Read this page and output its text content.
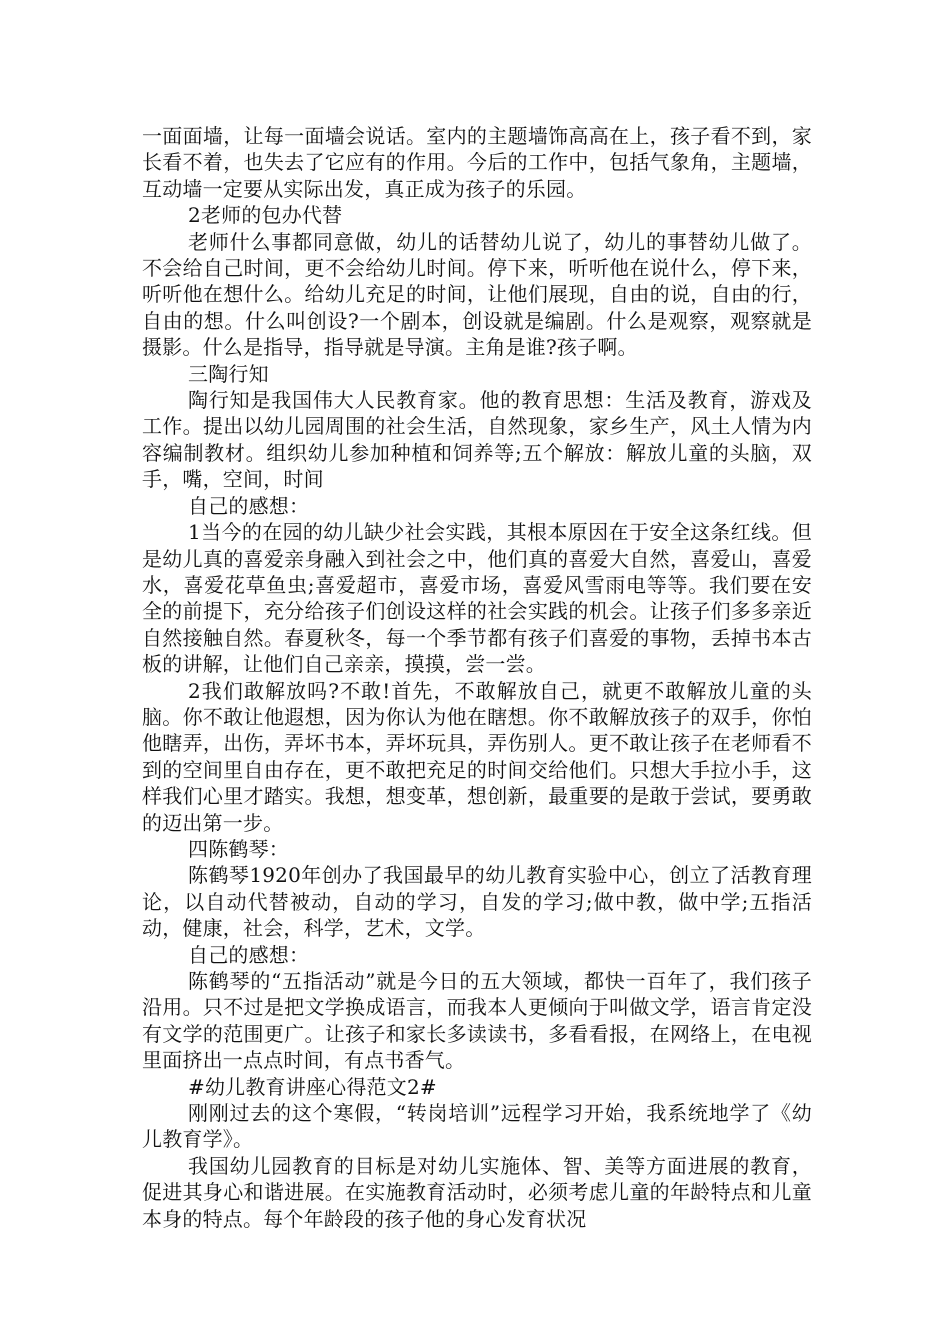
一面面墙，让每一面墙会说话。室内的主题墙饰高高在上，孩子看不到，家长看不着，也失去了它应有的作用。今后的工作中，包括气象角，主题墙，互动墙一定要从实际出发，真正成为孩子的乐园。

2老师的包办代替

老师什么事都同意做，幼儿的话替幼儿说了，幼儿的事替幼儿做了。不会给自己时间，更不会给幼儿时间。停下来，听听他在说什么，停下来，听听他在想什么。给幼儿充足的时间，让他们展现，自由的说，自由的行，自由的想。什么叫创设?一个剧本，创设就是编剧。什么是观察，观察就是摄影。什么是指导，指导就是导演。主角是谁?孩子啊。

三陶行知

陶行知是我国伟大人民教育家。他的教育思想：生活及教育，游戏及工作。提出以幼儿园周围的社会生活，自然现象，家乡生产，风土人情为内容编制教材。组织幼儿参加种植和饲养等;五个解放：解放儿童的头脑，双手，嘴，空间，时间

自己的感想：

1当今的在园的幼儿缺少社会实践，其根本原因在于安全这条红线。但是幼儿真的喜爱亲身融入到社会之中，他们真的喜爱大自然，喜爱山，喜爱水，喜爱花草鱼虫;喜爱超市，喜爱市场，喜爱风雪雨电等等。我们要在安全的前提下，充分给孩子们创设这样的社会实践的机会。让孩子们多多亲近自然接触自然。春夏秋冬，每一个季节都有孩子们喜爱的事物，丢掉书本古板的讲解，让他们自己亲亲，摸摸，尝一尝。

2我们敢解放吗?不敢!首先，不敢解放自己，就更不敢解放儿童的头脑。你不敢让他遐想，因为你认为他在瞎想。你不敢解放孩子的双手，你怕他瞎弄，出伤，弄坏书本，弄坏玩具，弄伤别人。更不敢让孩子在老师看不到的空间里自由存在，更不敢把充足的时间交给他们。只想大手拉小手，这样我们心里才踏实。我想，想变革，想创新，最重要的是敢于尝试，要勇敢的迈出第一步。

四陈鹤琴：

陈鹤琴1920年创办了我国最早的幼儿教育实验中心，创立了活教育理论，以自动代替被动，自动的学习，自发的学习;做中教，做中学;五指活动，健康，社会，科学，艺术，文学。

自己的感想：

陈鹤琴的“五指活动”就是今日的五大领域，都快一百年了，我们孩子沿用。只不过是把文学换成语言，而我本人更倾向于叫做文学，语言肯定没有文学的范围更广。让孩子和家长多读读书，多看看报，在网络上，在电视里面挤出一点点时间，有点书香气。

#幼儿教育讲座心得范文2#

刚刚过去的这个寒假，“转岗培训”远程学习开始，我系统地学了《幼儿教育学》。

我国幼儿园教育的目标是对幼儿实施体、智、美等方面进展的教育，促进其身心和谐进展。在实施教育活动时，必须考虑儿童的年龄特点和儿童本身的特点。每个年龄段的孩子他的身心发育状况
